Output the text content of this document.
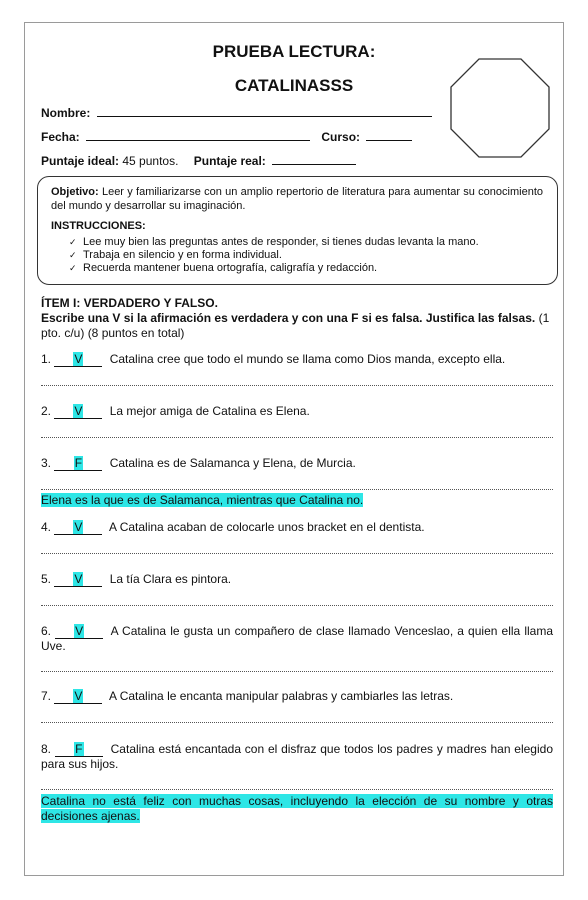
PRUEBA LECTURA:
CATALINASSS
Nombre:
Fecha:	Curso:
Puntaje ideal: 45 puntos. Puntaje real:

Objetivo: Leer y familiarizarse con un amplio repertorio de literatura para aumentar su conocimiento del mundo y desarrollar su imaginación.

INSTRUCCIONES:

✓ Lee muy bien las preguntas antes de responder, si tienes dudas levanta la mano.
✓ Trabaja en silencio y en forma individual.
✓ Recuerda mantener buena ortografía, caligrafía y redacción.
ÍTEM I: VERDADERO Y FALSO.
Escribe una V si la afirmación es verdadera y con una F si es falsa. Justifica las falsas. (1 pto. c/u) (8 puntos en total)
1. V Catalina cree que todo el mundo se llama como Dios manda, excepto ella.
2. V La mejor amiga de Catalina es Elena.
3. F Catalina es de Salamanca y Elena, de Murcia.
Elena es la que es de Salamanca, mientras que Catalina no.
4. V A Catalina acaban de colocarle unos bracket en el dentista.
5. V La tía Clara es pintora.
6. V A Catalina le gusta un compañero de clase llamado Venceslao, a quien ella llama Uve.
7. V A Catalina le encanta manipular palabras y cambiarles las letras.
8. F Catalina está encantada con el disfraz que todos los padres y madres han elegido para sus hijos.
Catalina no está feliz con muchas cosas, incluyendo la elección de su nombre y otras decisiones ajenas.
